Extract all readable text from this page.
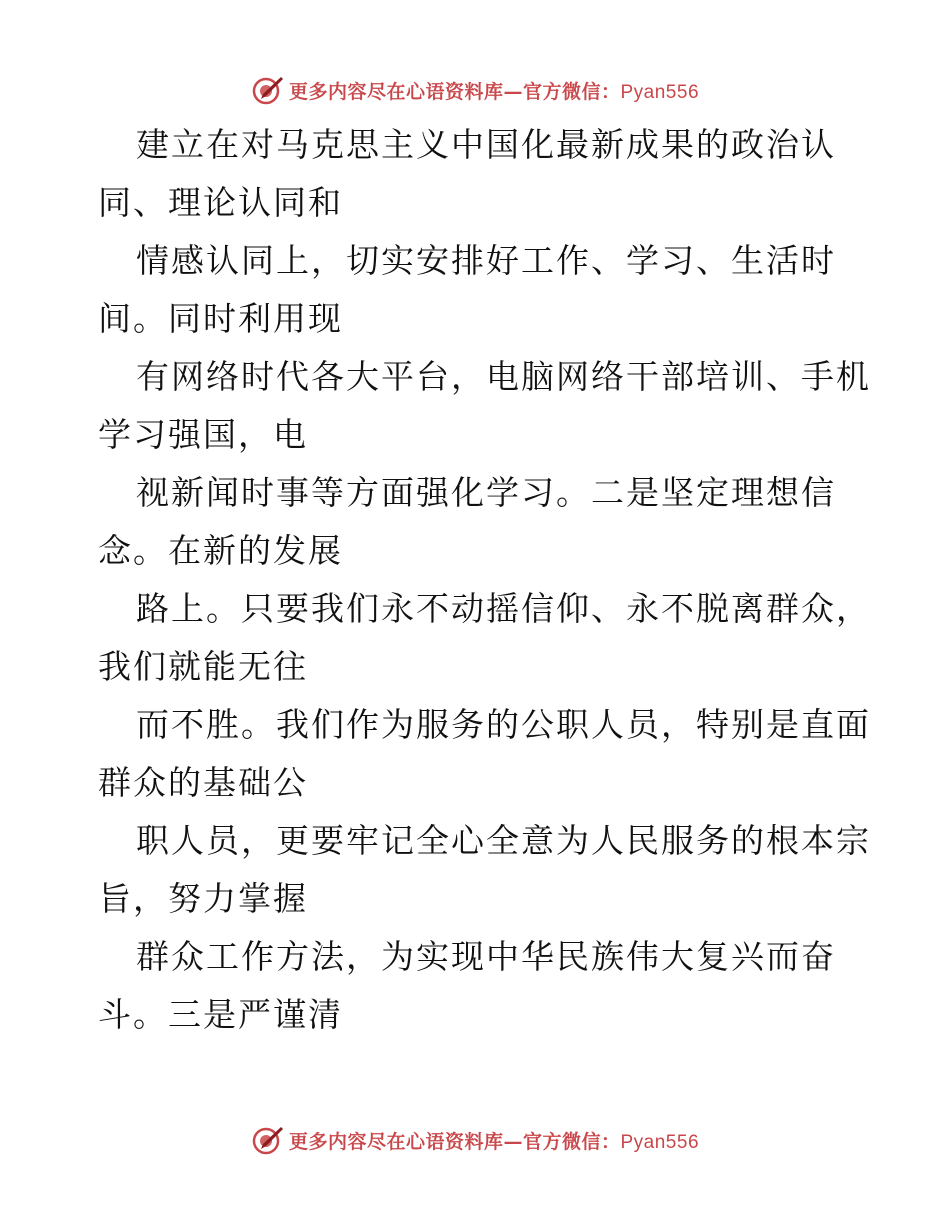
更多内容尽在心语资料库—官方微信：Pyan556
建立在对马克思主义中国化最新成果的政治认
同、理论认同和
情感认同上，切实安排好工作、学习、生活时
间。同时利用现
有网络时代各大平台，电脑网络干部培训、手机
学习强国，电
视新闻时事等方面强化学习。二是坚定理想信
念。在新的发展
路上。只要我们永不动摇信仰、永不脱离群众，
我们就能无往
而不胜。我们作为服务的公职人员，特别是直面
群众的基础公
职人员，更要牢记全心全意为人民服务的根本宗
旨，努力掌握
群众工作方法，为实现中华民族伟大复兴而奋
斗。三是严谨清
更多内容尽在心语资料库—官方微信：Pyan556
